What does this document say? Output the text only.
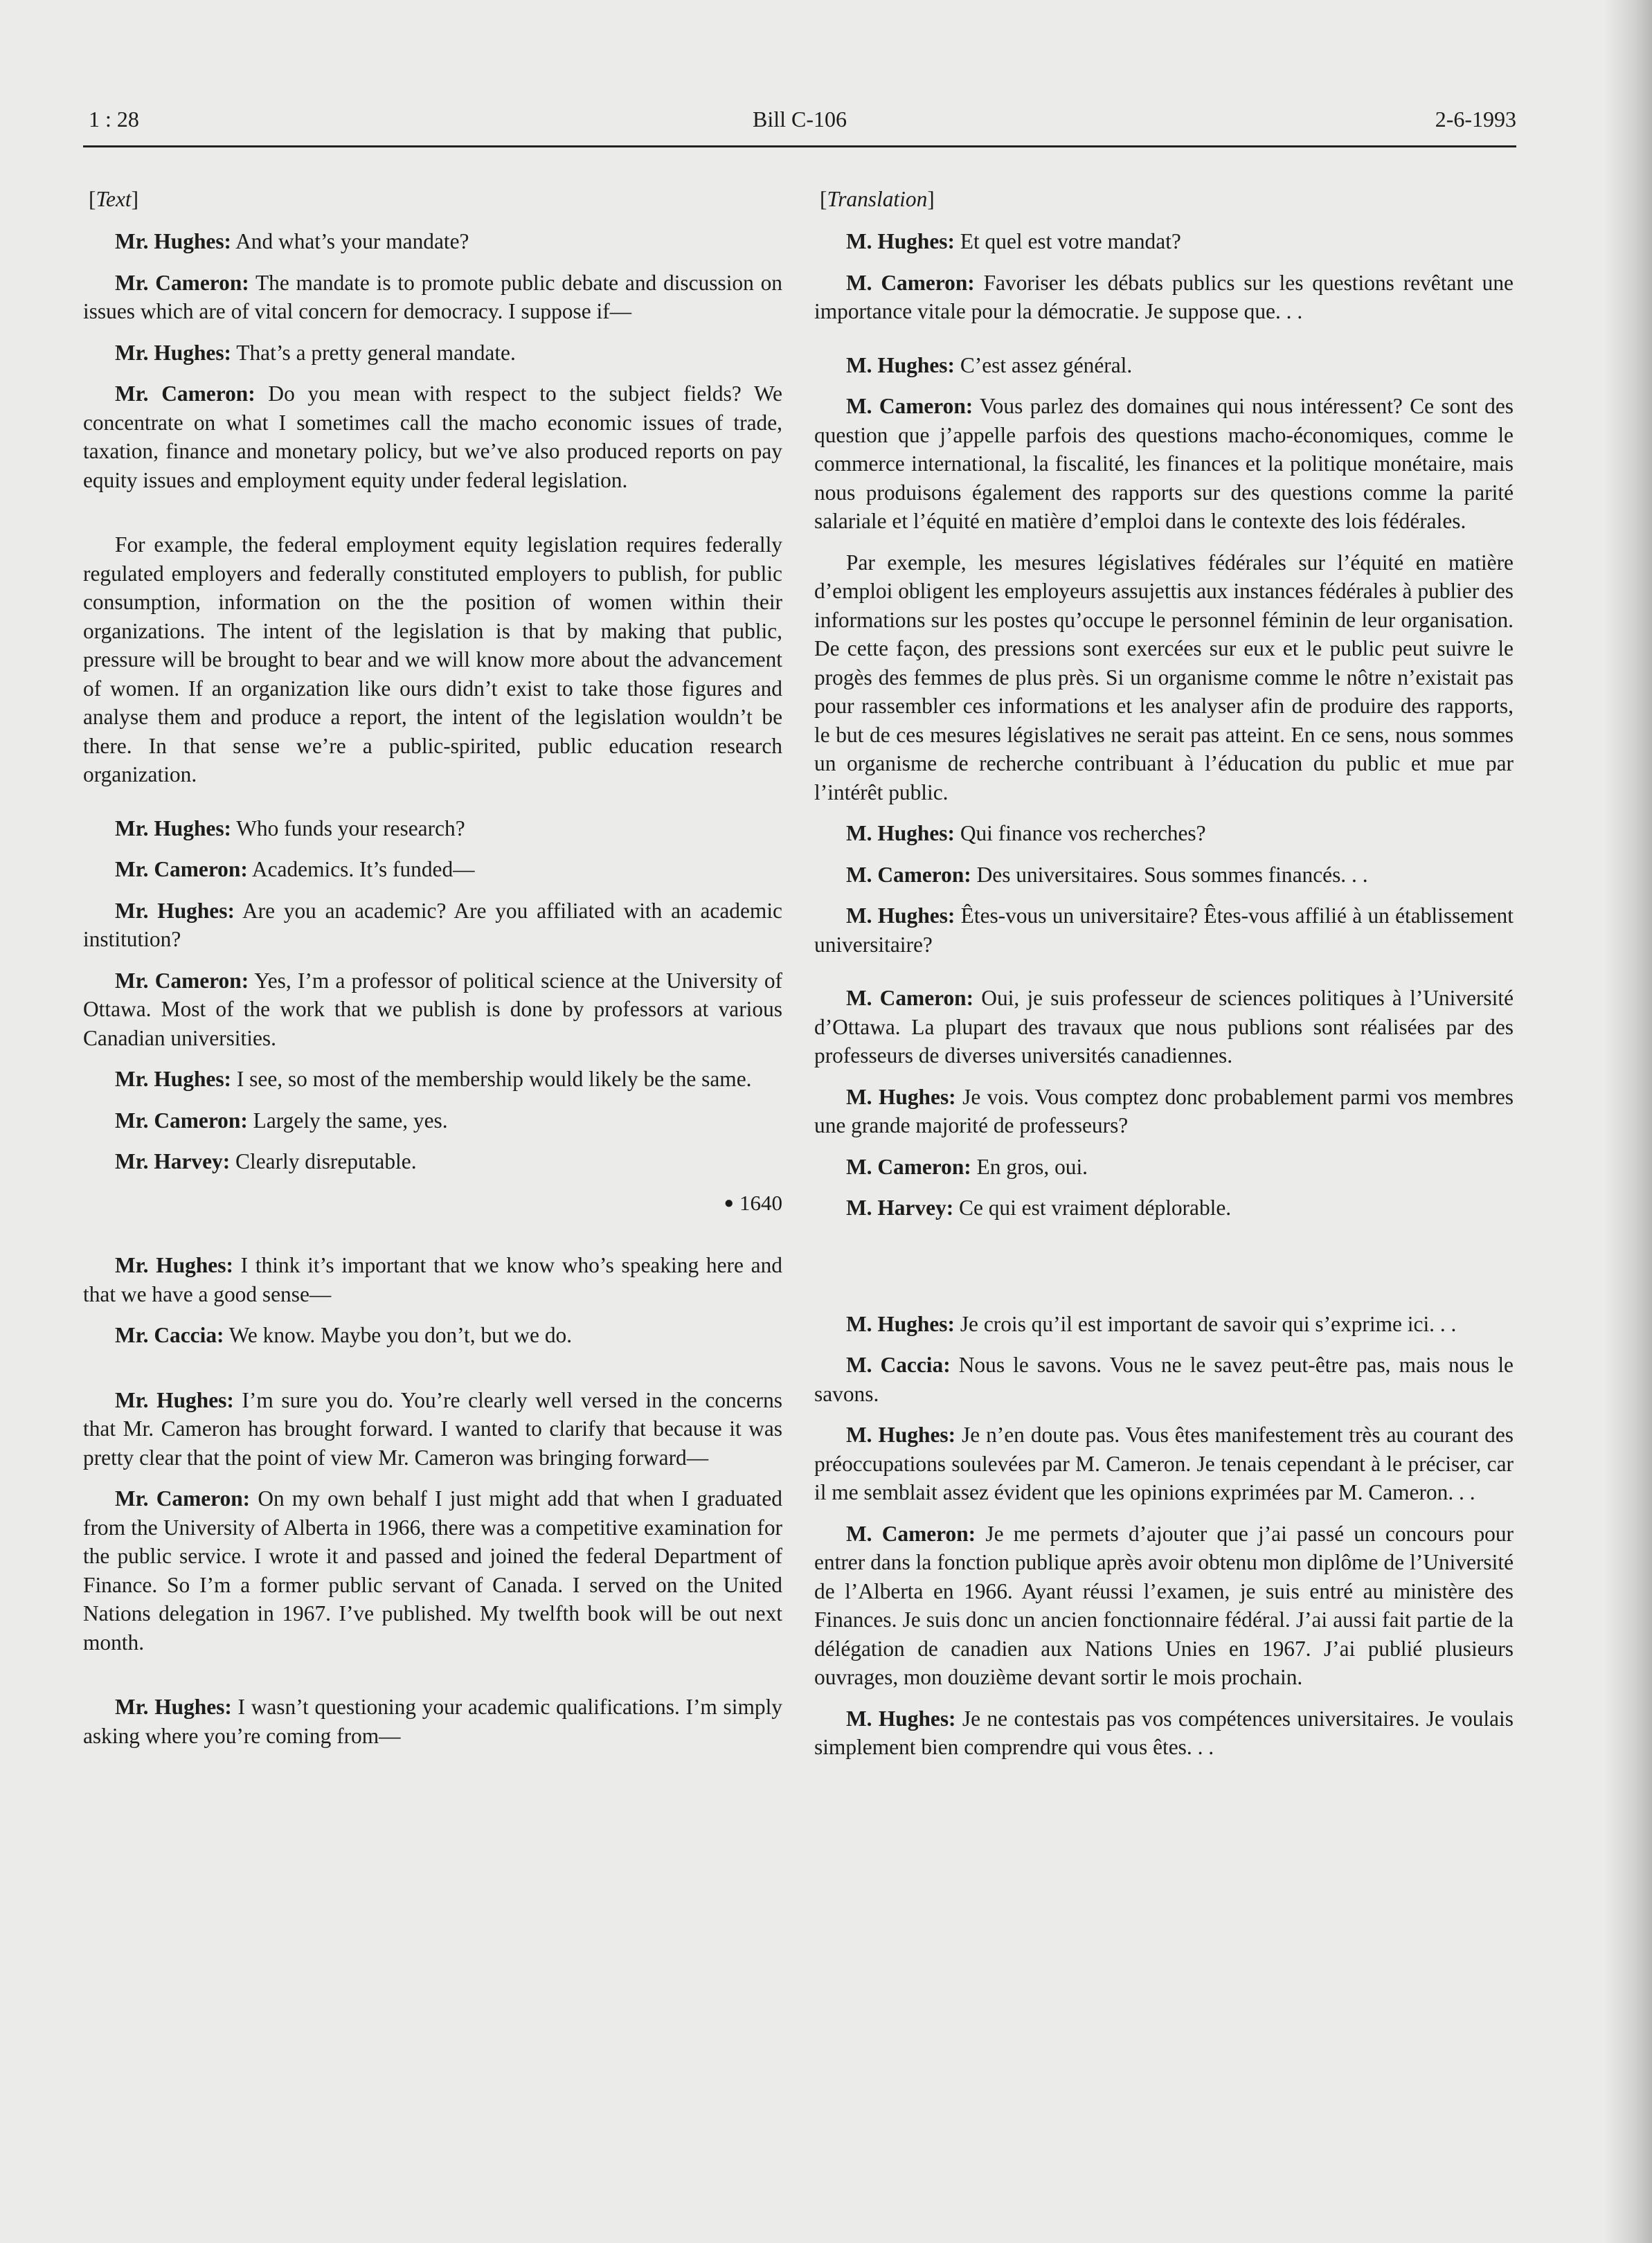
1 : 28	Bill C-106	2-6-1993
[Text]

Mr. Hughes: And what’s your mandate?

Mr. Cameron: The mandate is to promote public debate and discussion on issues which are of vital concern for democracy. I suppose if—

Mr. Hughes: That’s a pretty general mandate.

Mr. Cameron: Do you mean with respect to the subject fields? We concentrate on what I sometimes call the macho economic issues of trade, taxation, finance and monetary policy, but we’ve also produced reports on pay equity issues and employment equity under federal legislation.

For example, the federal employment equity legislation requires federally regulated employers and federally constituted employers to publish, for public consumption, information on the the position of women within their organizations. The intent of the legislation is that by making that public, pressure will be brought to bear and we will know more about the advancement of women. If an organization like ours didn’t exist to take those figures and analyse them and produce a report, the intent of the legislation wouldn’t be there. In that sense we’re a public-spirited, public education research organization.

Mr. Hughes: Who funds your research?

Mr. Cameron: Academics. It’s funded—

Mr. Hughes: Are you an academic? Are you affiliated with an academic institution?

Mr. Cameron: Yes, I’m a professor of political science at the University of Ottawa. Most of the work that we publish is done by professors at various Canadian universities.

Mr. Hughes: I see, so most of the membership would likely be the same.

Mr. Cameron: Largely the same, yes.

Mr. Harvey: Clearly disreputable.

● 1640

Mr. Hughes: I think it’s important that we know who’s speaking here and that we have a good sense—

Mr. Caccia: We know. Maybe you don’t, but we do.

Mr. Hughes: I’m sure you do. You’re clearly well versed in the concerns that Mr. Cameron has brought forward. I wanted to clarify that because it was pretty clear that the point of view Mr. Cameron was bringing forward—

Mr. Cameron: On my own behalf I just might add that when I graduated from the University of Alberta in 1966, there was a competitive examination for the public service. I wrote it and passed and joined the federal Department of Finance. So I’m a former public servant of Canada. I served on the United Nations delegation in 1967. I’ve published. My twelfth book will be out next month.

Mr. Hughes: I wasn’t questioning your academic qualifications. I’m simply asking where you’re coming from—

[Translation]

M. Hughes: Et quel est votre mandat?

M. Cameron: Favoriser les débats publics sur les questions revêtant une importance vitale pour la démocratie. Je suppose que. . .

M. Hughes: C’est assez général.

M. Cameron: Vous parlez des domaines qui nous intéressent? Ce sont des question que j’appelle parfois des questions macho-économiques, comme le commerce international, la fiscalité, les finances et la politique monétaire, mais nous produisons également des rapports sur des questions comme la parité salariale et l’équité en matière d’emploi dans le contexte des lois fédérales.

Par exemple, les mesures législatives fédérales sur l’équité en matière d’emploi obligent les employeurs assujettis aux instances fédérales à publier des informations sur les postes qu’occupe le personnel féminin de leur organisation. De cette façon, des pressions sont exercées sur eux et le public peut suivre le progès des femmes de plus près. Si un organisme comme le nôtre n’existait pas pour rassembler ces informations et les analyser afin de produire des rapports, le but de ces mesures législatives ne serait pas atteint. En ce sens, nous sommes un organisme de recherche contribuant à l’éducation du public et mue par l’intérêt public.

M. Hughes: Qui finance vos recherches?

M. Cameron: Des universitaires. Sous sommes financés. . .

M. Hughes: Êtes-vous un universitaire? Êtes-vous affilié à un établissement universitaire?

M. Cameron: Oui, je suis professeur de sciences politiques à l’Université d’Ottawa. La plupart des travaux que nous publions sont réalisées par des professeurs de diverses universités canadiennes.

M. Hughes: Je vois. Vous comptez donc probablement parmi vos membres une grande majorité de professeurs?

M. Cameron: En gros, oui.

M. Harvey: Ce qui est vraiment déplorable.

M. Hughes: Je crois qu’il est important de savoir qui s’exprime ici. . .

M. Caccia: Nous le savons. Vous ne le savez peut-être pas, mais nous le savons.

M. Hughes: Je n’en doute pas. Vous êtes manifestement très au courant des préoccupations soulevées par M. Cameron. Je tenais cependant à le préciser, car il me semblait assez évident que les opinions exprimées par M. Cameron. . .

M. Cameron: Je me permets d’ajouter que j’ai passé un concours pour entrer dans la fonction publique après avoir obtenu mon diplôme de l’Université de l’Alberta en 1966. Ayant réussi l’examen, je suis entré au ministère des Finances. Je suis donc un ancien fonctionnaire fédéral. J’ai aussi fait partie de la délégation de canadien aux Nations Unies en 1967. J’ai publié plusieurs ouvrages, mon douzième devant sortir le mois prochain.

M. Hughes: Je ne contestais pas vos compétences universitaires. Je voulais simplement bien comprendre qui vous êtes. . .
